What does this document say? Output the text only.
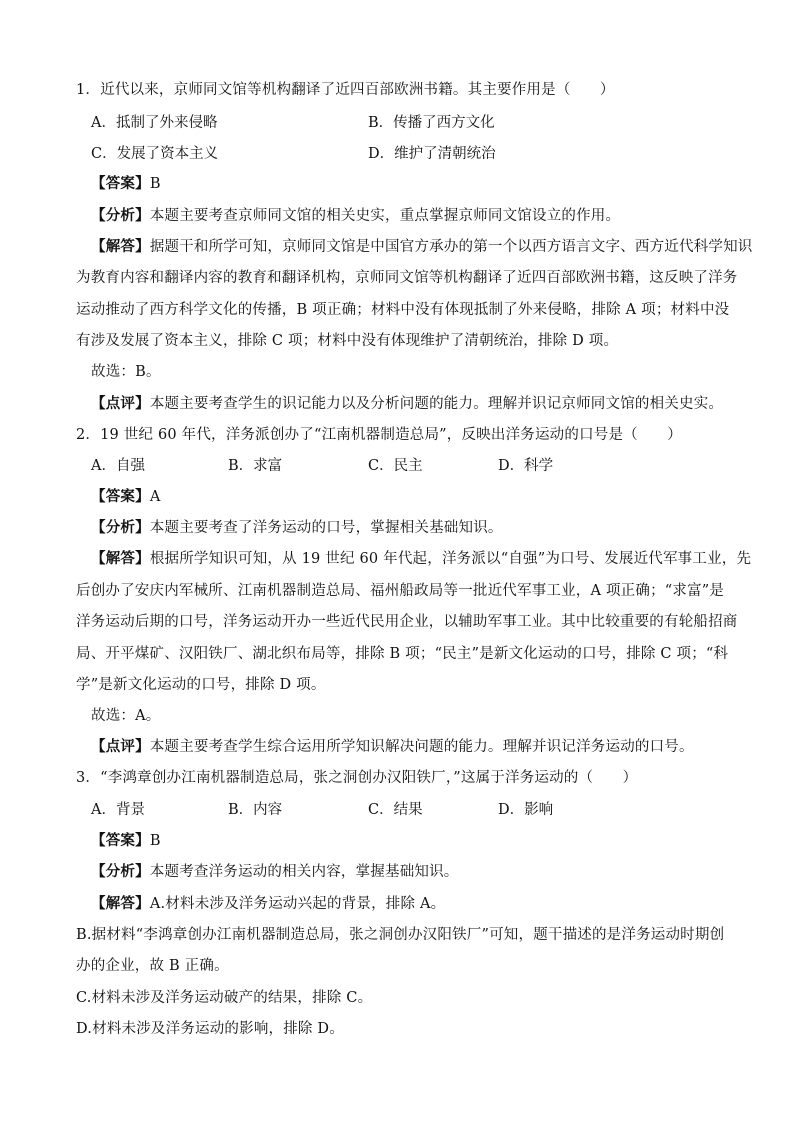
1．近代以来，京师同文馆等机构翻译了近四百部欧洲书籍。其主要作用是（　　）
A．抵制了外来侵略	B．传播了西方文化
C．发展了资本主义	D．维护了清朝统治
【答案】B
【分析】本题主要考查京师同文馆的相关史实，重点掌握京师同文馆设立的作用。
【解答】据题干和所学可知，京师同文馆是中国官方承办的第一个以西方语言文字、西方近代科学知识
为教育内容和翻译内容的教育和翻译机构，京师同文馆等机构翻译了近四百部欧洲书籍，这反映了洋务
运动推动了西方科学文化的传播，B 项正确；材料中没有体现抵制了外来侵略，排除 A 项；材料中没
有涉及发展了资本主义，排除 C 项；材料中没有体现维护了清朝统治，排除 D 项。
故选：B。
【点评】本题主要考查学生的识记能力以及分析问题的能力。理解并识记京师同文馆的相关史实。
2．19 世纪 60 年代，洋务派创办了“江南机器制造总局”，反映出洋务运动的口号是（　　）
A．自强	B．求富	C．民主	D．科学
【答案】A
【分析】本题主要考查了洋务运动的口号，掌握相关基础知识。
【解答】根据所学知识可知，从 19 世纪 60 年代起，洋务派以“自强”为口号、发展近代军事工业，先
后创办了安庆内军械所、江南机器制造总局、福州船政局等一批近代军事工业，A 项正确；“求富”是
洋务运动后期的口号，洋务运动开办一些近代民用企业，以辅助军事工业。其中比较重要的有轮船招商
局、开平煤矿、汉阳铁厂、湖北织布局等，排除 B 项；“民主”是新文化运动的口号，排除 C 项；“科
学”是新文化运动的口号，排除 D 项。
故选：A。
【点评】本题主要考查学生综合运用所学知识解决问题的能力。理解并识记洋务运动的口号。
3．“李鸿章创办江南机器制造总局，张之洞创办汉阳铁厂，”这属于洋务运动的（　　）
A．背景	B．内容	C．结果	D．影响
【答案】B
【分析】本题考查洋务运动的相关内容，掌握基础知识。
【解答】A.材料未涉及洋务运动兴起的背景，排除 A。
B.据材料“李鸿章创办江南机器制造总局，张之洞创办汉阳铁厂”可知，题干描述的是洋务运动时期创
办的企业，故 B 正确。
C.材料未涉及洋务运动破产的结果，排除 C。
D.材料未涉及洋务运动的影响，排除 D。
